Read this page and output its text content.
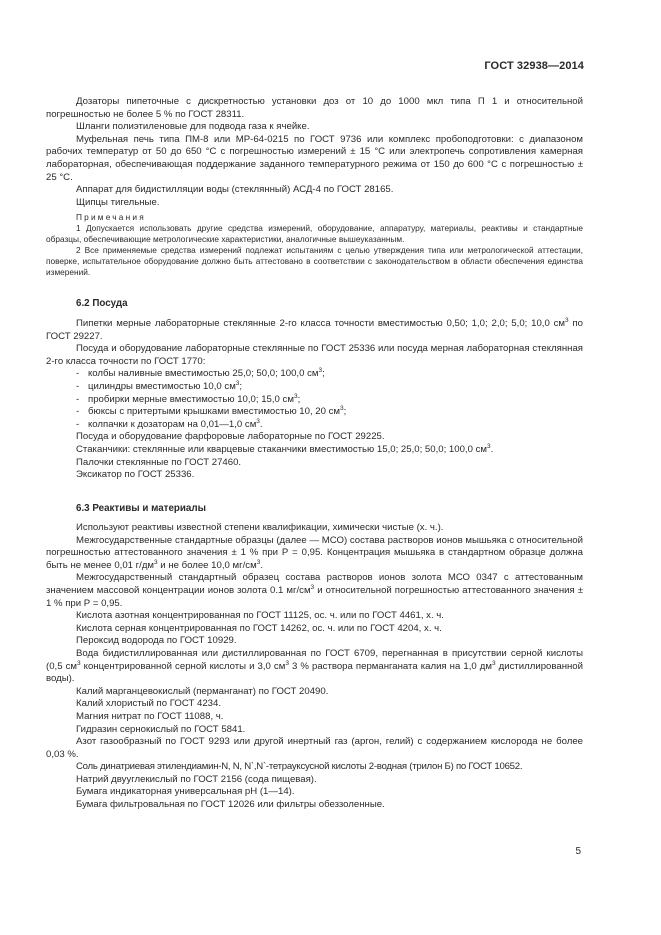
ГОСТ 32938—2014

Дозаторы пипеточные с дискретностью установки доз от 10 до 1000 мкл типа П 1 и относительной погрешностью не более 5 % по ГОСТ 28311.

Шланги полиэтиленовые для подвода газа к ячейке.

Муфельная печь типа ПМ-8 или МР-64-0215 по ГОСТ 9736 или комплекс пробоподготовки: с диапазоном рабочих температур от 50 до 650 °С с погрешностью измерений ± 15 °С или электропечь сопротивления камерная лабораторная, обеспечивающая поддержание заданного температурного режима от 150 до 600 °С с погрешностью ± 25 °С.

Аппарат для бидистилляции воды (стеклянный) АСД-4 по ГОСТ 28165.

Щипцы тигельные.

Примечания

1 Допускается использовать другие средства измерений, оборудование, аппаратуру, материалы, реактивы и стандартные образцы, обеспечивающие метрологические характеристики, аналогичные вышеуказанным.

2 Все применяемые средства измерений подлежат испытаниям с целью утверждения типа или метрологической аттестации, поверке, испытательное оборудование должно быть аттестовано в соответствии с законодательством в области обеспечения единства измерений.

6.2 Посуда

Пипетки мерные лабораторные стеклянные 2-го класса точности вместимостью 0,50; 1,0; 2,0; 5,0; 10,0 $см^3$ по ГОСТ 29227.

Посуда и оборудование лабораторные стеклянные по ГОСТ 25336 или посуда мерная лабораторная стеклянная 2-го класса точности по ГОСТ 1770:

- колбы наливные вместимостью 25,0; 50,0; 100,0 $см^3$;

- цилиндры вместимостью 10,0 $см^3$;

- пробирки мерные вместимостью 10,0; 15,0 $см^3$;

- бюксы с притертыми крышками вместимостью 10, 20 $см^3$;

- колпачки к дозаторам на 0,01—1,0 $см^3$.

Посуда и оборудование фарфоровые лабораторные по ГОСТ 29225.

Стаканчики: стеклянные или кварцевые стаканчики вместимостью 15,0; 25,0; 50,0; 100,0 $см^3$.

Палочки стеклянные по ГОСТ 27460.

Эксикатор по ГОСТ 25336.

6.3 Реактивы и материалы

Используют реактивы известной степени квалификации, химически чистые (х. ч.).

Межгосударственные стандартные образцы (далее — МСО) состава растворов ионов мышьяка с относительной погрешностью аттестованного значения ± 1 % при Р = 0,95. Концентрация мышьяка в стандартном образце должна быть не менее 0,01 $г/дм^3$ и не более 10,0 $мг/см^3$.

Межгосударственный стандартный образец состава растворов ионов золота МСО 0347 с аттестованным значением массовой концентрации ионов золота 0.1 $мг/см^3$ и относительной погрешностью аттестованного значения ± 1 % при Р = 0,95.

Кислота азотная концентрированная по ГОСТ 11125, ос. ч. или по ГОСТ 4461, х. ч.

Кислота серная концентрированная по ГОСТ 14262, ос. ч. или по ГОСТ 4204, х. ч.

Пероксид водорода по ГОСТ 10929.

Вода бидистиллированная или дистиллированная по ГОСТ 6709, перегнанная в присутствии серной кислоты (0,5 $см^3$ концентрированной серной кислоты и 3,0 $см^3$ 3 % раствора перманганата калия на 1,0 $дм^3$ дистиллированной воды).

Калий марганцевокислый (перманганат) по ГОСТ 20490.

Калий хлористый по ГОСТ 4234.

Магния нитрат по ГОСТ 11088, ч.

Гидразин сернокислый по ГОСТ 5841.

Азот газообразный по ГОСТ 9293 или другой инертный газ (аргон, гелий) с содержанием кислорода не более 0,03 %.

Соль динатриевая этилендиамин-N, N, N`,N`-тетрауксусной кислоты 2-водная (трилон Б) по ГОСТ 10652.

Натрий двууглекислый по ГОСТ 2156 (сода пищевая).

Бумага индикаторная универсальная pH (1—14).

Бумага фильтровальная по ГОСТ 12026 или фильтры обеззоленные.

5
